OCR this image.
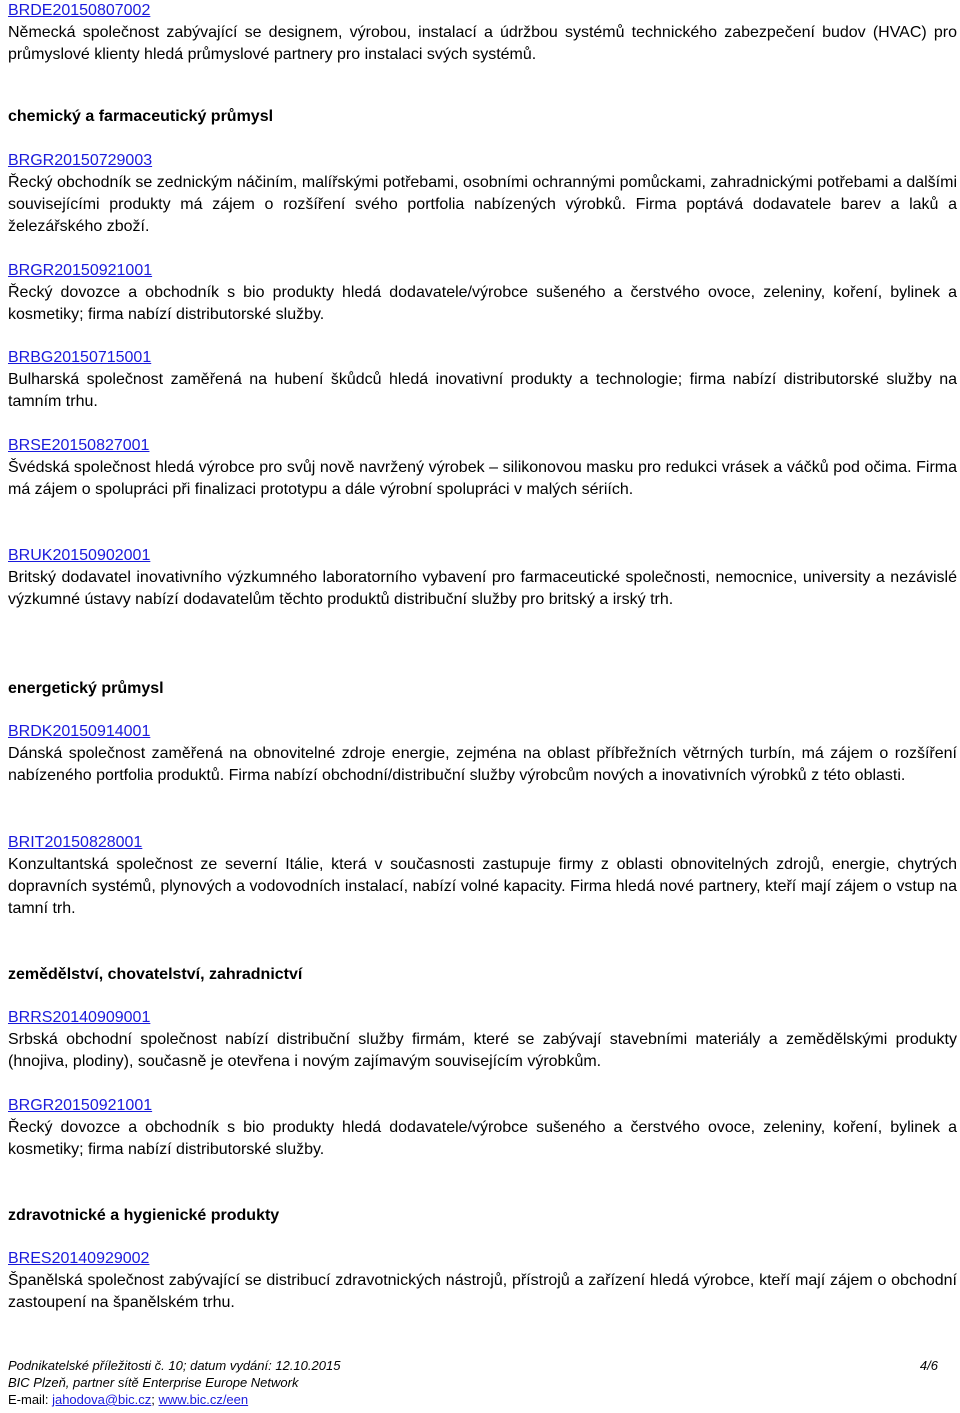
BRDE20150807002
Německá společnost zabývající se designem, výrobou, instalací a údržbou systémů technického zabezpečení budov (HVAC) pro průmyslové klienty hledá průmyslové partnery pro instalaci svých systémů.
chemický a farmaceutický průmysl
BRGR20150729003
Řecký obchodník se zednickým náčiním, malířskými potřebami, osobními ochrannými pomůckami, zahradnickými potřebami a dalšími souvisejícími produkty má zájem o rozšíření svého portfolia nabízených výrobků. Firma poptává dodavatele barev a laků a železářského zboží.
BRGR20150921001
Řecký dovozce a obchodník s bio produkty hledá dodavatele/výrobce sušeného a čerstvého ovoce, zeleniny, koření, bylinek a kosmetiky; firma nabízí distributorské služby.
BRBG20150715001
Bulharská společnost zaměřená na hubení škůdců hledá inovativní produkty a technologie; firma nabízí distributorské služby na tamním trhu.
BRSE20150827001
Švédská společnost hledá výrobce pro svůj nově navržený výrobek – silikonovou masku pro redukci vrásek a váčků pod očima. Firma má zájem o spolupráci při finalizaci prototypu a dále výrobní spolupráci v malých sériích.
BRUK20150902001
Britský dodavatel inovativního výzkumného laboratorního vybavení pro farmaceutické společnosti, nemocnice, university a nezávislé výzkumné ústavy nabízí dodavatelům těchto produktů distribuční služby pro britský a irský trh.
energetický průmysl
BRDK20150914001
Dánská společnost zaměřená na obnovitelné zdroje energie, zejména na oblast příbřežních větrných turbín, má zájem o rozšíření nabízeného portfolia produktů. Firma nabízí obchodní/distribuční služby výrobcům nových a inovativních výrobků z této oblasti.
BRIT20150828001
Konzultantská společnost ze severní Itálie, která v současnosti zastupuje firmy z oblasti obnovitelných zdrojů, energie, chytrých dopravních systémů, plynových a vodovodních instalací, nabízí volné kapacity. Firma hledá nové partnery, kteří mají zájem o vstup na tamní trh.
zemědělství, chovatelství, zahradnictví
BRRS20140909001
Srbská obchodní společnost nabízí distribuční služby firmám, které se zabývají stavebními materiály a zemědělskými produkty (hnojiva, plodiny), současně je otevřena i novým zajímavým souvisejícím výrobkům.
BRGR20150921001
Řecký dovozce a obchodník s bio produkty hledá dodavatele/výrobce sušeného a čerstvého ovoce, zeleniny, koření, bylinek a kosmetiky; firma nabízí distributorské služby.
zdravotnické a hygienické produkty
BRES20140929002
Španělská společnost zabývající se distribucí zdravotnických nástrojů, přístrojů a zařízení hledá výrobce, kteří mají zájem o obchodní zastoupení na španělském trhu.
Podnikatelské příležitosti č. 10; datum vydání: 12.10.2015	4/6
BIC Plzeň, partner sítě Enterprise Europe Network
E-mail: jahodova@bic.cz; www.bic.cz/een
